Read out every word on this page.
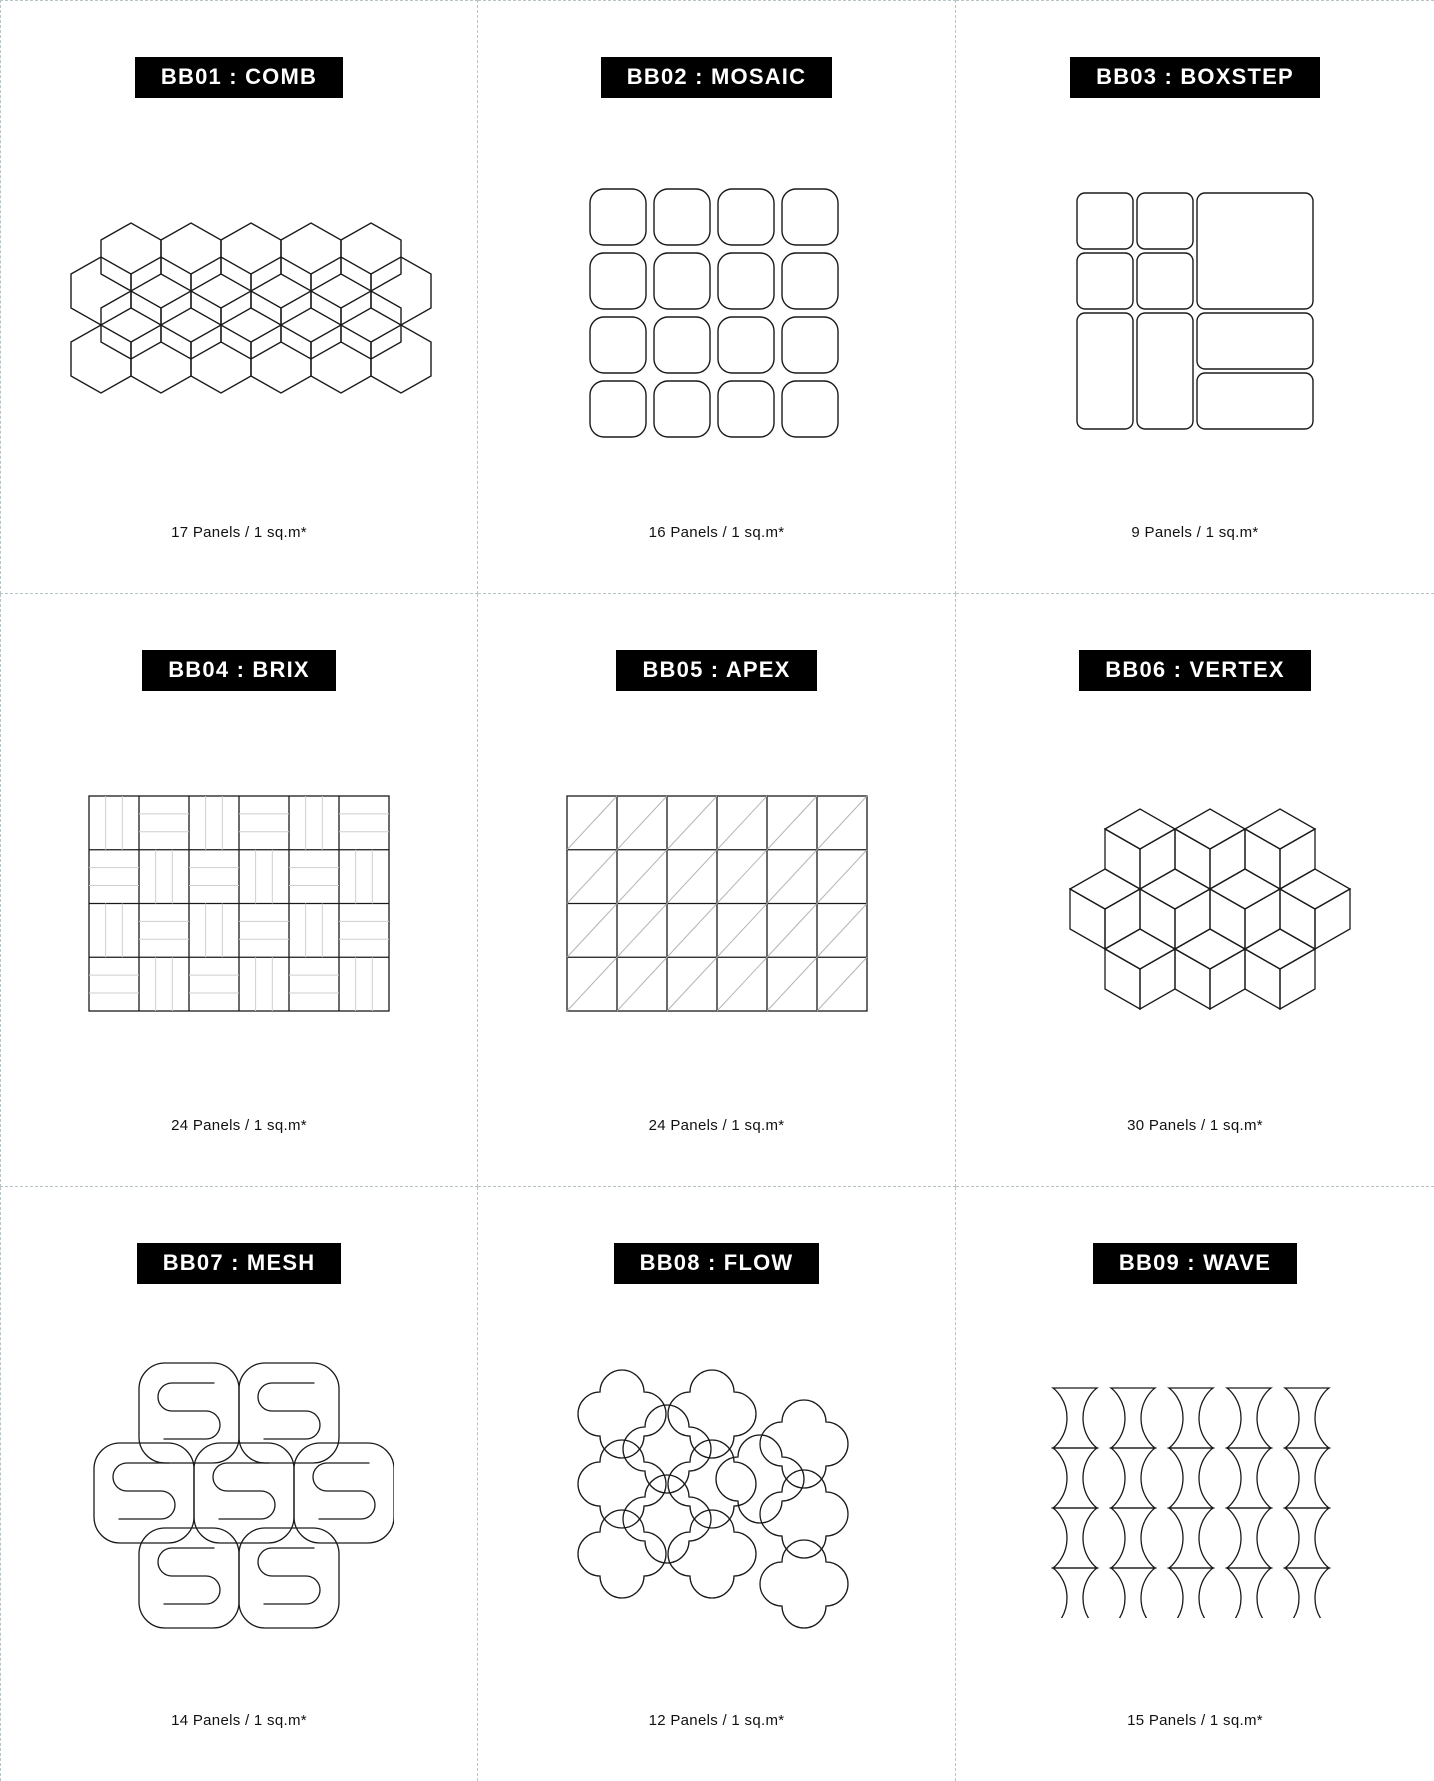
BB01 : COMB
17 Panels / 1 sq.m*
BB02 : MOSAIC
16 Panels / 1 sq.m*
BB03 : BOXSTEP
9 Panels / 1 sq.m*
BB04 : BRIX
24 Panels / 1 sq.m*
BB05 : APEX
24 Panels / 1 sq.m*
BB06 : VERTEX
30 Panels / 1 sq.m*
BB07 : MESH
14 Panels / 1 sq.m*
BB08 : FLOW
12 Panels / 1 sq.m*
BB09 : WAVE
15 Panels / 1 sq.m*
